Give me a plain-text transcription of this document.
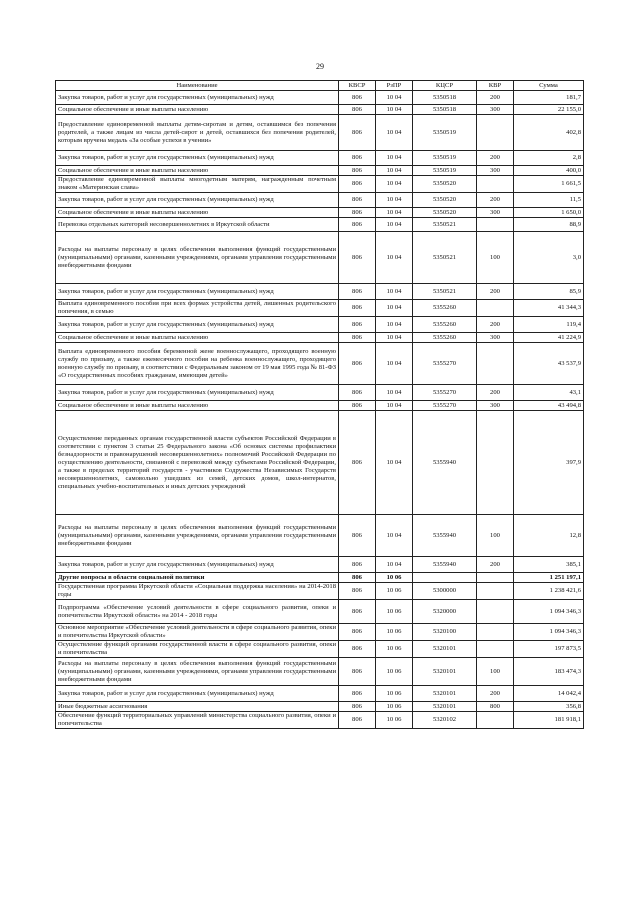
29
Наименование	КВСР	РзПР	КЦСР	КВР	Сумма
Закупка товаров, работ и услуг для государственных (муниципальных) нужд	806	10 04	5350518	200	181,7
Социальное обеспечение и иные выплаты населению	806	10 04	5350518	300	22 155,0
Предоставление единовременной выплаты детям-сиротам и детям, оставшимся без попечения родителей, а также лицам из числа детей-сирот и детей, оставшихся без попечения родителей, которым вручена медаль «За особые успехи в учении»	806	10 04	5350519		402,8
Закупка товаров, работ и услуг для государственных (муниципальных) нужд	806	10 04	5350519	200	2,8
Социальное обеспечение и иные выплаты населению	806	10 04	5350519	300	400,0
Предоставление единовременной выплаты многодетным матерям, награжденным почетным знаком «Материнская слава»	806	10 04	5350520		1 661,5
Закупка товаров, работ и услуг для государственных (муниципальных) нужд	806	10 04	5350520	200	11,5
Социальное обеспечение и иные выплаты населению	806	10 04	5350520	300	1 650,0
Перевозка отдельных категорий несовершеннолетних в Иркутской области	806	10 04	5350521		88,9
Расходы на выплаты персоналу в целях обеспечения выполнения функций государственными (муниципальными) органами, казенными учреждениями, органами управления государственными внебюджетными фондами	806	10 04	5350521	100	3,0
Закупка товаров, работ и услуг для государственных (муниципальных) нужд	806	10 04	5350521	200	85,9
Выплата единовременного пособия при всех формах устройства детей, лишенных родительского попечения, в семью	806	10 04	5355260		41 344,3
Закупка товаров, работ и услуг для государственных (муниципальных) нужд	806	10 04	5355260	200	119,4
Социальное обеспечение и иные выплаты населению	806	10 04	5355260	300	41 224,9
Выплата единовременного пособия беременной жене военнослужащего, проходящего военную службу по призыву, а также ежемесячного пособия на ребенка военнослужащего, проходящего военную службу по призыву, в соответствии с Федеральным законом от 19 мая 1995 года № 81-ФЗ «О государственных пособиях гражданам, имеющим детей»	806	10 04	5355270		43 537,9
Закупка товаров, работ и услуг для государственных (муниципальных) нужд	806	10 04	5355270	200	43,1
Социальное обеспечение и иные выплаты населению	806	10 04	5355270	300	43 494,8
Осуществление переданных органам государственной власти субъектов Российской Федерации в соответствии с пунктом 3 статьи 25 Федерального закона «Об основах системы профилактики безнадзорности и правонарушений несовершеннолетних» полномочий Российской Федерации по осуществлению деятельности, связанной с перевозкой между субъектами Российской Федерации, а также в пределах территорий государств - участников Содружества Независимых Государств несовершеннолетних, самовольно ушедших из семей, детских домов, школ-интернатов, специальных учебно-воспитательных и иных детских учреждений	806	10 04	5355940		397,9
Расходы на выплаты персоналу в целях обеспечения выполнения функций государственными (муниципальными) органами, казенными учреждениями, органами управления государственными внебюджетными фондами	806	10 04	5355940	100	12,8
Закупка товаров, работ и услуг для государственных (муниципальных) нужд	806	10 04	5355940	200	385,1
Другие вопросы в области социальной политики	806	10 06			1 251 197,1
Государственная программа Иркутской области «Социальная поддержка населения» на 2014-2018 годы	806	10 06	5300000		1 238 421,6
Подпрограмма «Обеспечение условий деятельности в сфере социального развития, опеки и попечительства Иркутской области» на 2014 - 2018 годы	806	10 06	5320000		1 094 346,3
Основное мероприятие «Обеспечение условий деятельности в сфере социального развития, опеки и попечительства Иркутской области»	806	10 06	5320100		1 094 346,3
Осуществление функций органами государственной власти в сфере социального развития, опеки и попечительства	806	10 06	5320101		197 873,5
Расходы на выплаты персоналу в целях обеспечения выполнения функций государственными (муниципальными) органами, казенными учреждениями, органами управления государственными внебюджетными фондами	806	10 06	5320101	100	183 474,3
Закупка товаров, работ и услуг для государственных (муниципальных) нужд	806	10 06	5320101	200	14 042,4
Иные бюджетные ассигнования	806	10 06	5320101	800	356,8
Обеспечение функций территориальных управлений министерства социального развития, опеки и попечительства	806	10 06	5320102		181 918,1
